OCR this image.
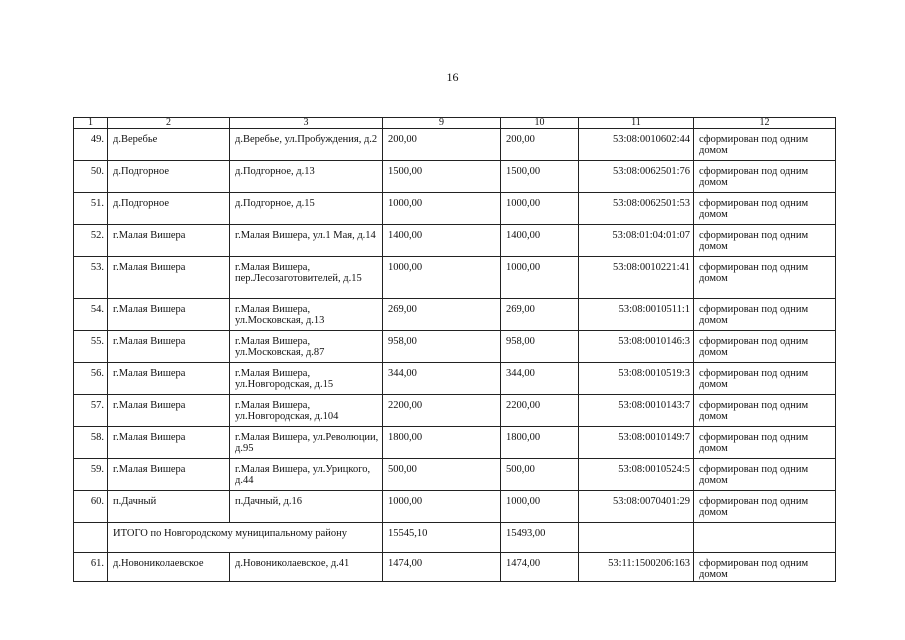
16
1	2	3	9	10	11	12
49.	д.Веребье	д.Веребье, ул.Пробуждения, д.2	200,00	200,00	53:08:0010602:44	сформирован под одним домом
50.	д.Подгорное	д.Подгорное, д.13	1500,00	1500,00	53:08:0062501:76	сформирован под одним домом
51.	д.Подгорное	д.Подгорное, д.15	1000,00	1000,00	53:08:0062501:53	сформирован под одним домом
52.	г.Малая Вишера	г.Малая Вишера, ул.1 Мая, д.14	1400,00	1400,00	53:08:01:04:01:07	сформирован под одним домом
53.	г.Малая Вишера	г.Малая Вишера, пер.Лесозаготовителей, д.15	1000,00	1000,00	53:08:0010221:41	сформирован под одним домом
54.	г.Малая Вишера	г.Малая Вишера, ул.Московская, д.13	269,00	269,00	53:08:0010511:1	сформирован под одним домом
55.	г.Малая Вишера	г.Малая Вишера, ул.Московская, д.87	958,00	958,00	53:08:0010146:3	сформирован под одним домом
56.	г.Малая Вишера	г.Малая Вишера, ул.Новгородская, д.15	344,00	344,00	53:08:0010519:3	сформирован под одним домом
57.	г.Малая Вишера	г.Малая Вишера, ул.Новгородская, д.104	2200,00	2200,00	53:08:0010143:7	сформирован под одним домом
58.	г.Малая Вишера	г.Малая Вишера, ул.Революции, д.95	1800,00	1800,00	53:08:0010149:7	сформирован под одним домом
59.	г.Малая Вишера	г.Малая Вишера, ул.Урицкого, д.44	500,00	500,00	53:08:0010524:5	сформирован под одним домом
60.	п.Дачный	п.Дачный, д.16	1000,00	1000,00	53:08:0070401:29	сформирован под одним домом
	ИТОГО по Новгородскому муниципальному району		15545,10	15493,00		
61.	д.Новониколаевское	д.Новониколаевское, д.41	1474,00	1474,00	53:11:1500206:163	сформирован под одним домом
